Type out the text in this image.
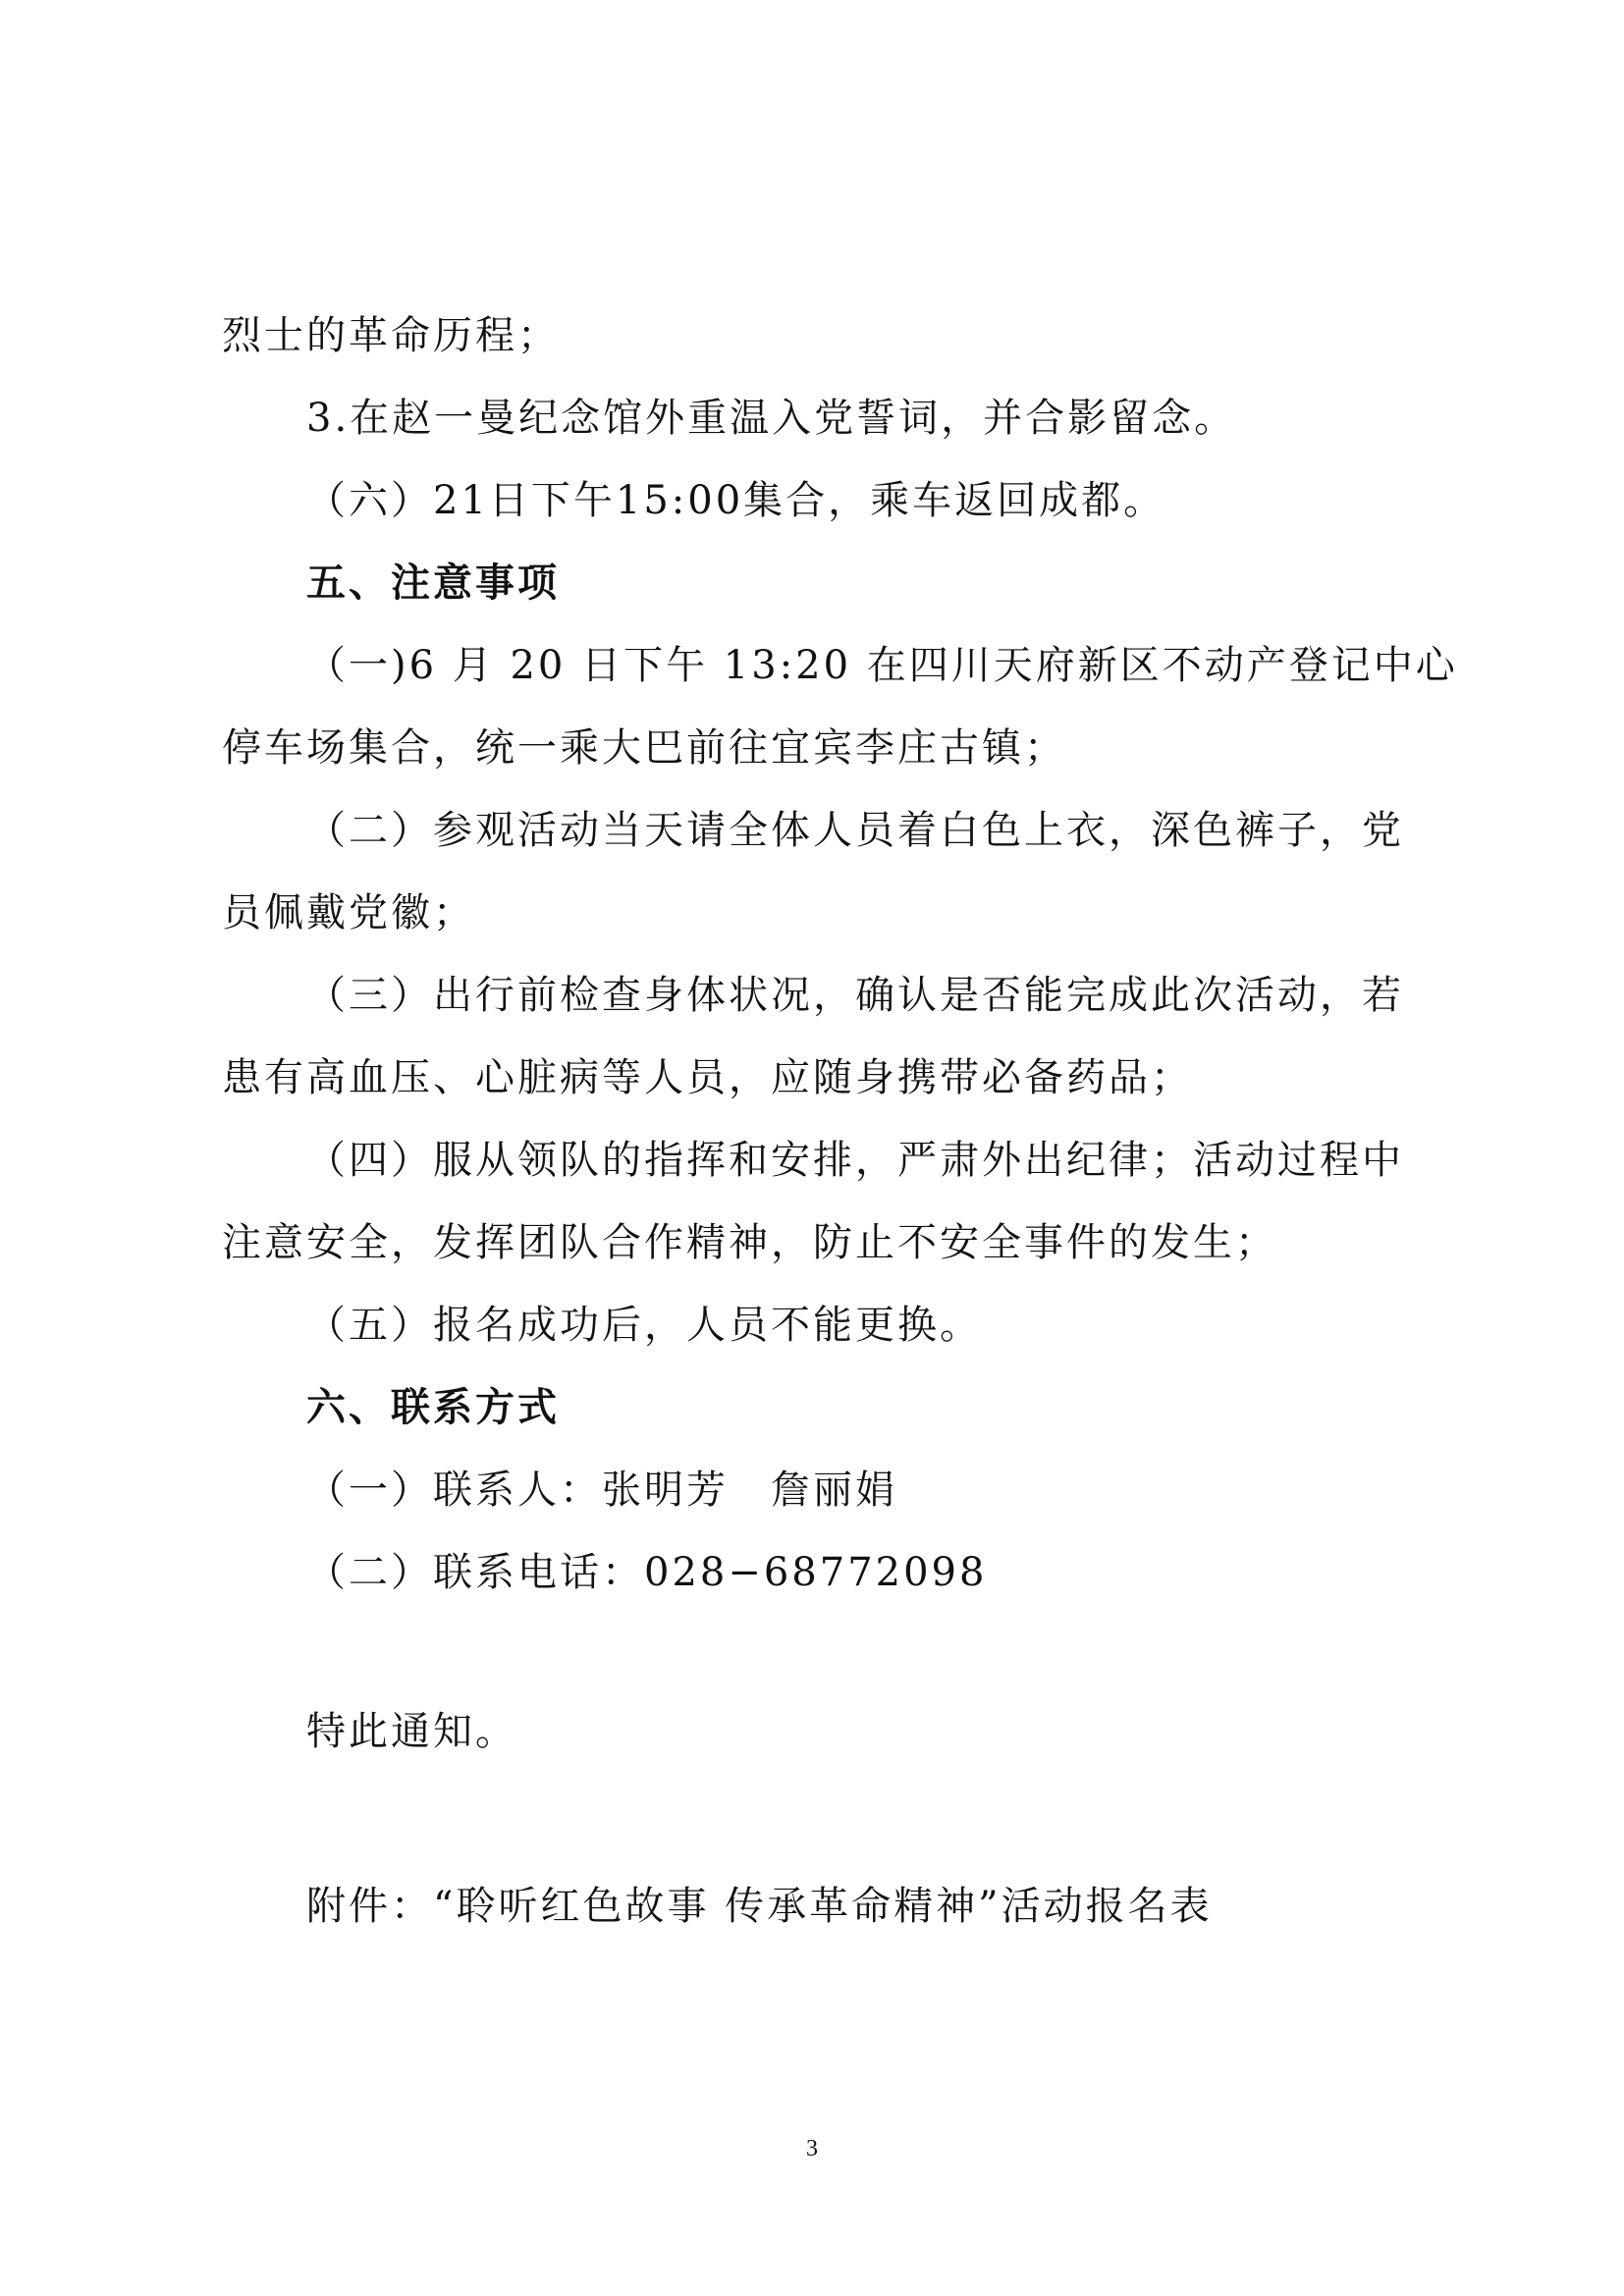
烈士的革命历程；
3.在赵一曼纪念馆外重温入党誓词，并合影留念。
（六）21日下午15:00集合，乘车返回成都。
五、注意事项
（一)6 月 20 日下午 13:20 在四川天府新区不动产登记中心
停车场集合，统一乘大巴前往宜宾李庄古镇；
（二）参观活动当天请全体人员着白色上衣，深色裤子，党
员佩戴党徽；
（三）出行前检查身体状况，确认是否能完成此次活动，若
患有高血压、心脏病等人员，应随身携带必备药品；
（四）服从领队的指挥和安排，严肃外出纪律；活动过程中
注意安全，发挥团队合作精神，防止不安全事件的发生；
（五）报名成功后，人员不能更换。
六、联系方式
（一）联系人：张明芳　詹丽娟
（二）联系电话：028−68772098
特此通知。
附件：“聆听红色故事 传承革命精神”活动报名表
3
